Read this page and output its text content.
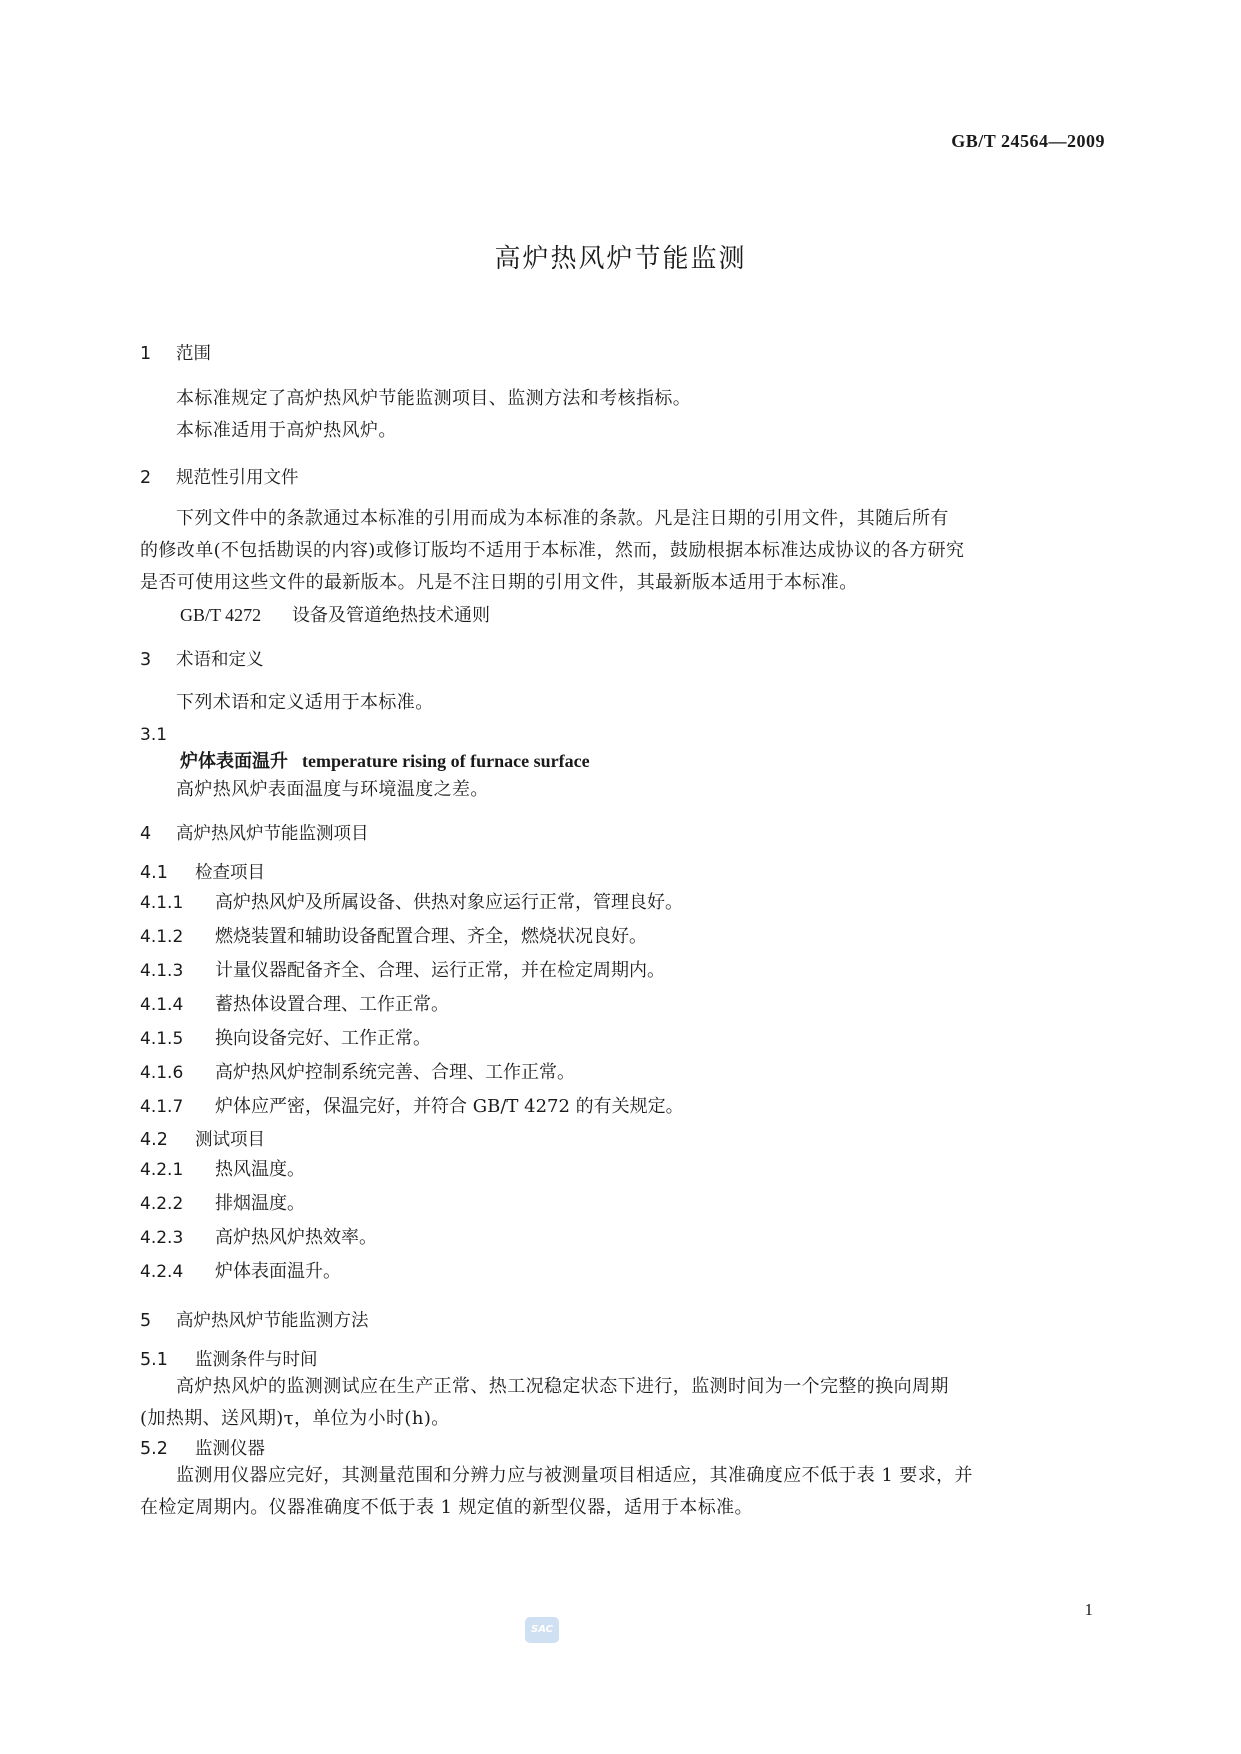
GB/T 24564—2009
高炉热风炉节能监测
1 范围

本标准规定了高炉热风炉节能监测项目、监测方法和考核指标。

本标准适用于高炉热风炉。

2 规范性引用文件

下列文件中的条款通过本标准的引用而成为本标准的条款。凡是注日期的引用文件，其随后所有

的修改单(不包括勘误的内容)或修订版均不适用于本标准，然而，鼓励根据本标准达成协议的各方研究

是否可使用这些文件的最新版本。凡是不注日期的引用文件，其最新版本适用于本标准。

GB/T 4272 设备及管道绝热技术通则

3 术语和定义

下列术语和定义适用于本标准。

3.1

炉体表面温升 temperature rising of furnace surface

高炉热风炉表面温度与环境温度之差。

4 高炉热风炉节能监测项目
4.1 检查项目

4.1.1 高炉热风炉及所属设备、供热对象应运行正常，管理良好。

4.1.2 燃烧装置和辅助设备配置合理、齐全，燃烧状况良好。

4.1.3 计量仪器配备齐全、合理、运行正常，并在检定周期内。

4.1.4 蓄热体设置合理、工作正常。

4.1.5 换向设备完好、工作正常。

4.1.6 高炉热风炉控制系统完善、合理、工作正常。

4.1.7 炉体应严密，保温完好，并符合 GB/T 4272 的有关规定。

4.2 测试项目

4.2.1 热风温度。

4.2.2 排烟温度。

4.2.3 高炉热风炉热效率。

4.2.4 炉体表面温升。

5 高炉热风炉节能监测方法
5.1 监测条件与时间

高炉热风炉的监测测试应在生产正常、热工况稳定状态下进行，监测时间为一个完整的换向周期

(加热期、送风期)τ，单位为小时(h)。

5.2 监测仪器

监测用仪器应完好，其测量范围和分辨力应与被测量项目相适应，其准确度应不低于表 1 要求，并

在检定周期内。仪器准确度不低于表 1 规定值的新型仪器，适用于本标准。

1
SAC
